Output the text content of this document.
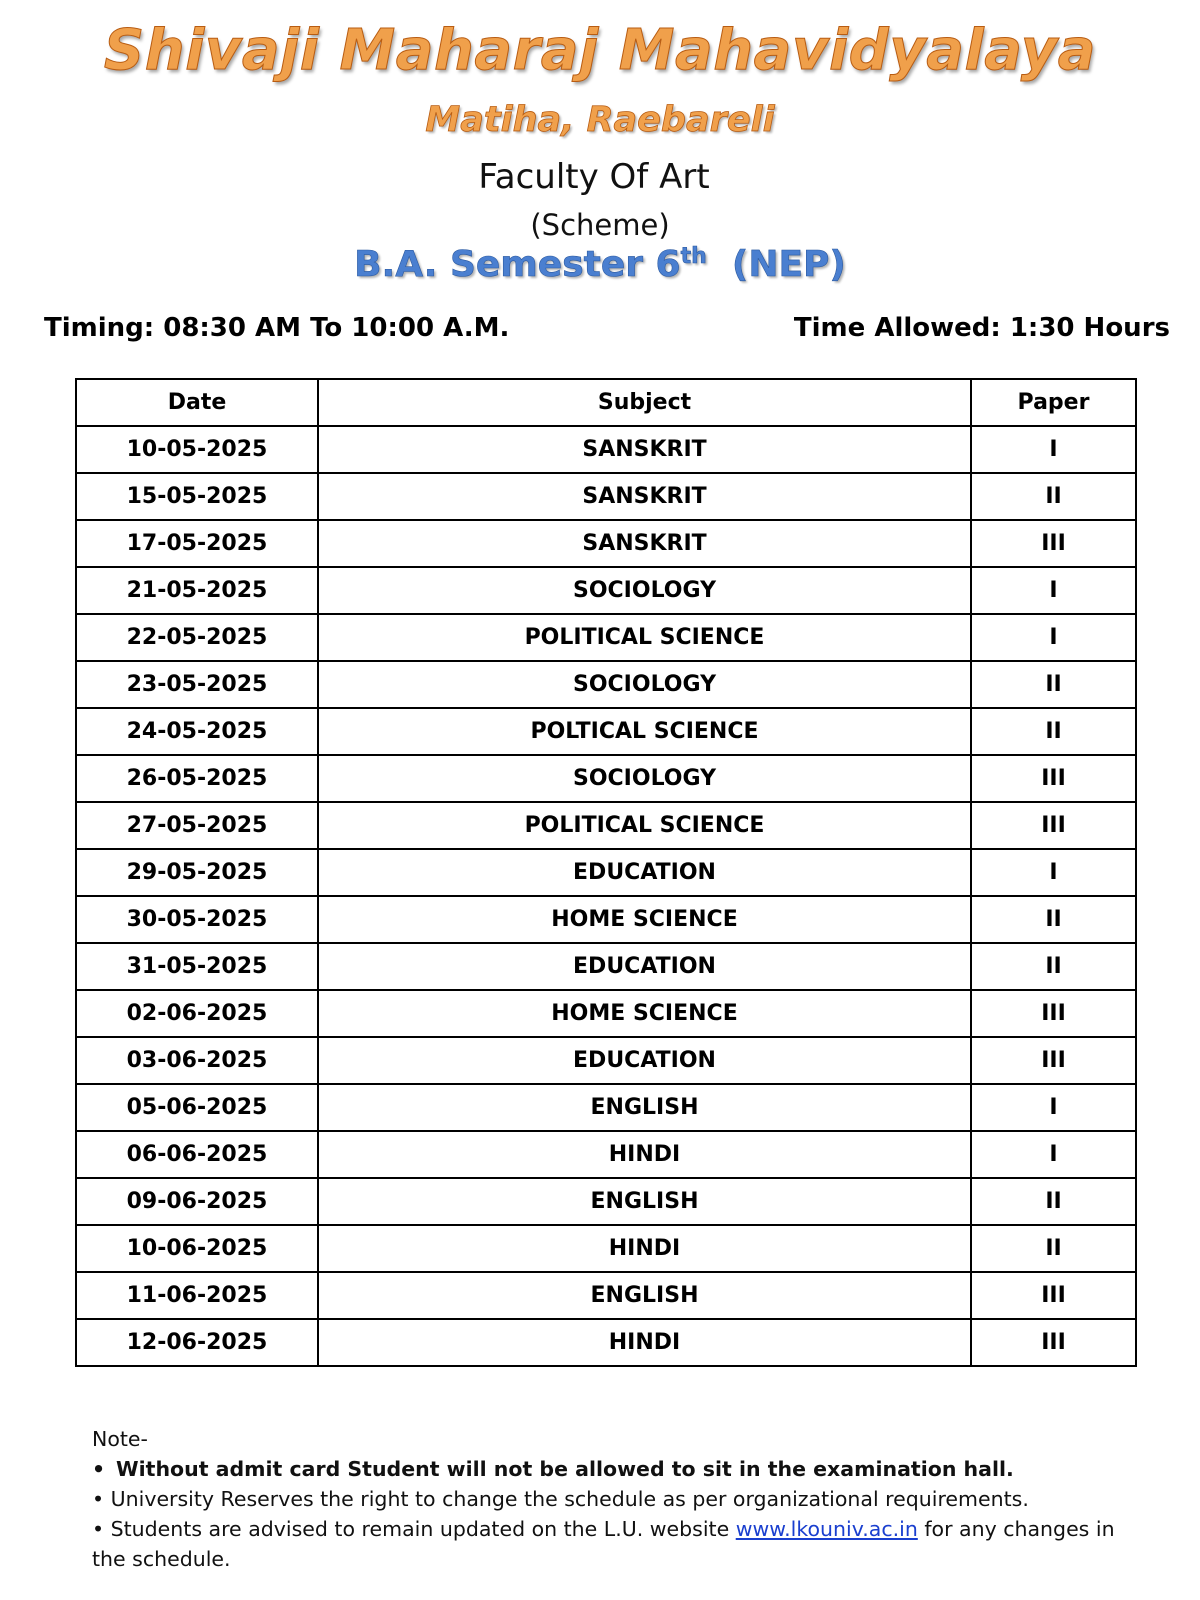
Shivaji Maharaj Mahavidyalaya
Matiha, Raebareli
Faculty Of Art
(Scheme)
B.A. Semester 6th (NEP)
Timing: 08:30 AM To 10:00 A.M.	Time Allowed: 1:30 Hours
Date	Subject	Paper
10-05-2025	SANSKRIT	I
15-05-2025	SANSKRIT	II
17-05-2025	SANSKRIT	III
21-05-2025	SOCIOLOGY	I
22-05-2025	POLITICAL SCIENCE	I
23-05-2025	SOCIOLOGY	II
24-05-2025	POLTICAL SCIENCE	II
26-05-2025	SOCIOLOGY	III
27-05-2025	POLITICAL SCIENCE	III
29-05-2025	EDUCATION	I
30-05-2025	HOME SCIENCE	II
31-05-2025	EDUCATION	II
02-06-2025	HOME SCIENCE	III
03-06-2025	EDUCATION	III
05-06-2025	ENGLISH	I
06-06-2025	HINDI	I
09-06-2025	ENGLISH	II
10-06-2025	HINDI	II
11-06-2025	ENGLISH	III
12-06-2025	HINDI	III
Note-
• Without admit card Student will not be allowed to sit in the examination hall.
• University Reserves the right to change the schedule as per organizational requirements.
• Students are advised to remain updated on the L.U. website www.lkouniv.ac.in for any changes in the schedule.
